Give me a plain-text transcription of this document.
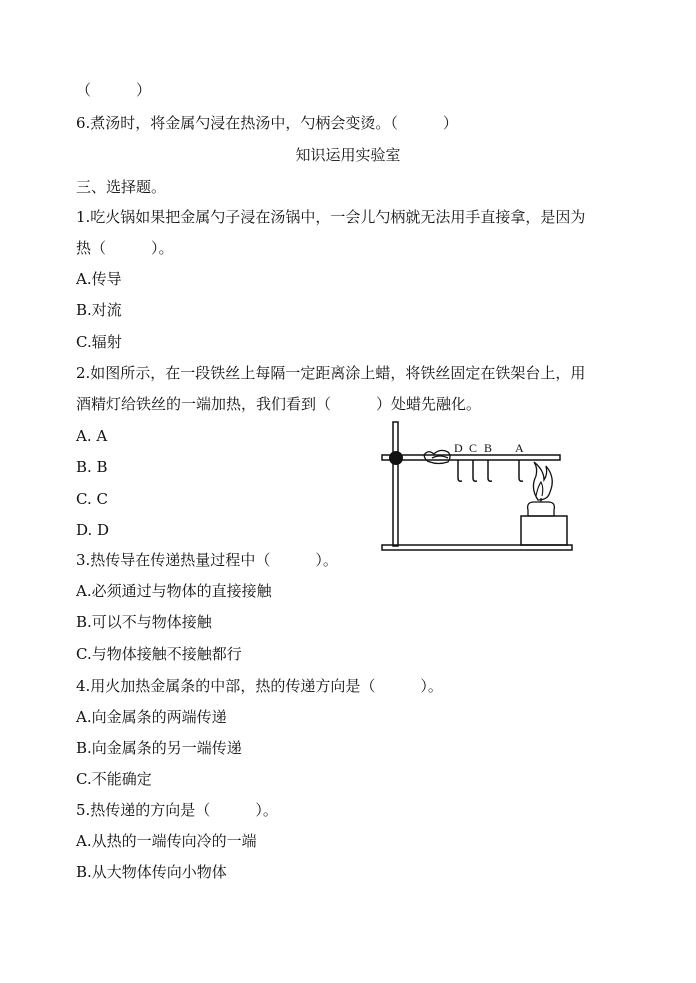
（　　　）
6.煮汤时，将金属勺浸在热汤中，勺柄会变烫。（　　　）
知识运用实验室
三、选择题。
1.吃火锅如果把金属勺子浸在汤锅中，一会儿勺柄就无法用手直接拿，是因为
热（　　　）。
A.传导
B.对流
C.辐射
2.如图所示，在一段铁丝上每隔一定距离涂上蜡，将铁丝固定在铁架台上，用
酒精灯给铁丝的一端加热，我们看到（　　　）处蜡先融化。
A. A
B. B
C. C
D. D
3.热传导在传递热量过程中（　　　）。
A.必须通过与物体的直接接触
B.可以不与物体接触
C.与物体接触不接触都行
4.用火加热金属条的中部，热的传递方向是（　　　）。
A.向金属条的两端传递
B.向金属条的另一端传递
C.不能确定
5.热传递的方向是（　　　）。
A.从热的一端传向冷的一端
B.从大物体传向小物体
D C B A
